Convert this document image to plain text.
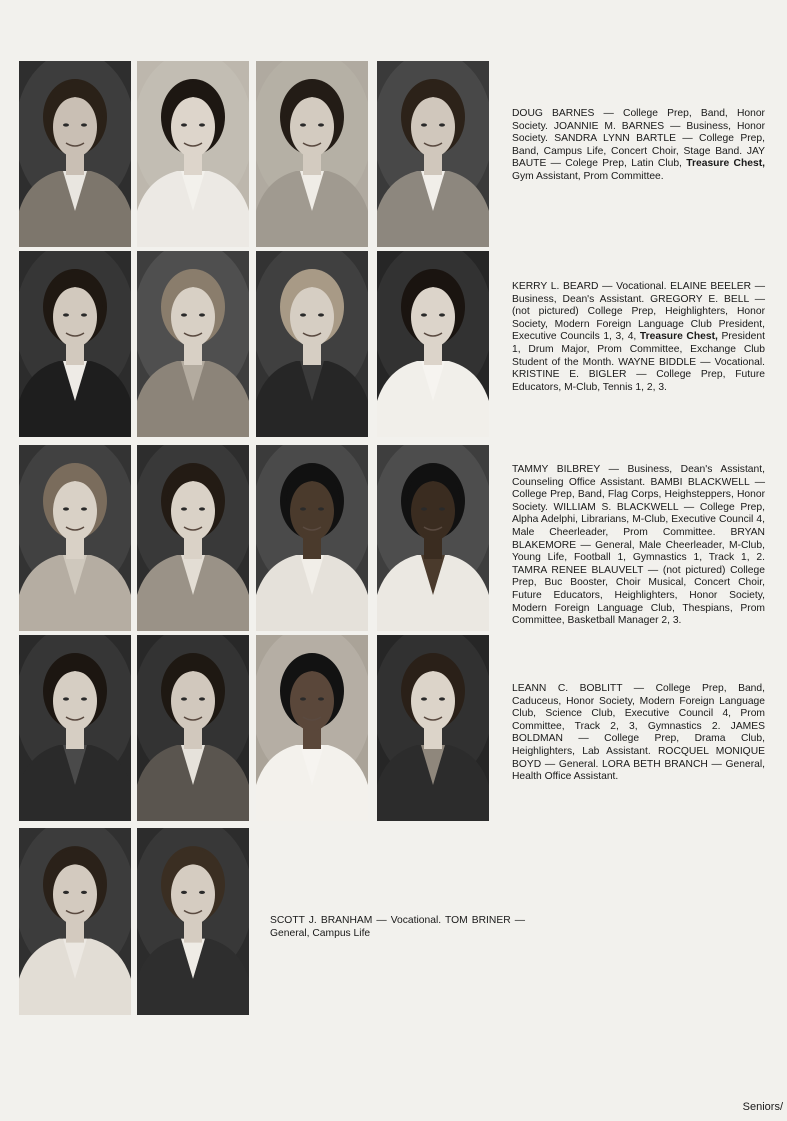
DOUG BARNES — College Prep, Band, Honor Society. JOANNIE M. BARNES — Business, Honor Society. SANDRA LYNN BARTLE — College Prep, Band, Campus Life, Concert Choir, Stage Band. JAY BAUTE — Colege Prep, Latin Club, Treasure Chest, Gym Assistant, Prom Committee.

KERRY L. BEARD — Vocational. ELAINE BEELER — Business, Dean's Assistant. GREGORY E. BELL — (not pictured) College Prep, Heighlighters, Honor Society, Modern Foreign Language Club President, Executive Councils 1, 3, 4, Treasure Chest, President 1, Drum Major, Prom Committee, Exchange Club Student of the Month. WAYNE BIDDLE — Vocational. KRISTINE E. BIGLER — College Prep, Future Educators, M-Club, Tennis 1, 2, 3.

TAMMY BILBREY — Business, Dean's Assistant, Counseling Office Assistant. BAMBI BLACKWELL — College Prep, Band, Flag Corps, Heighsteppers, Honor Society. WILLIAM S. BLACKWELL — College Prep, Alpha Adelphi, Librarians, M-Club, Executive Council 4, Male Cheerleader, Prom Committee. BRYAN BLAKEMORE — General, Male Cheerleader, M-Club, Young Life, Football 1, Gymnastics 1, Track 1, 2. TAMRA RENEE BLAUVELT — (not pictured) College Prep, Buc Booster, Choir Musical, Concert Choir, Future Educators, Heighlighters, Honor Society, Modern Foreign Language Club, Thespians, Prom Committee, Basketball Manager 2, 3.

LEANN C. BOBLITT — College Prep, Band, Caduceus, Honor Society, Modern Foreign Language Club, Science Club, Executive Council 4, Prom Committee, Track 2, 3, Gymnastics 2. JAMES BOLDMAN — College Prep, Drama Club, Heighlighters, Lab Assistant. ROCQUEL MONIQUE BOYD — General. LORA BETH BRANCH — General, Health Office Assistant.

SCOTT J. BRANHAM — Vocational. TOM BRINER — General, Campus Life

Seniors/
